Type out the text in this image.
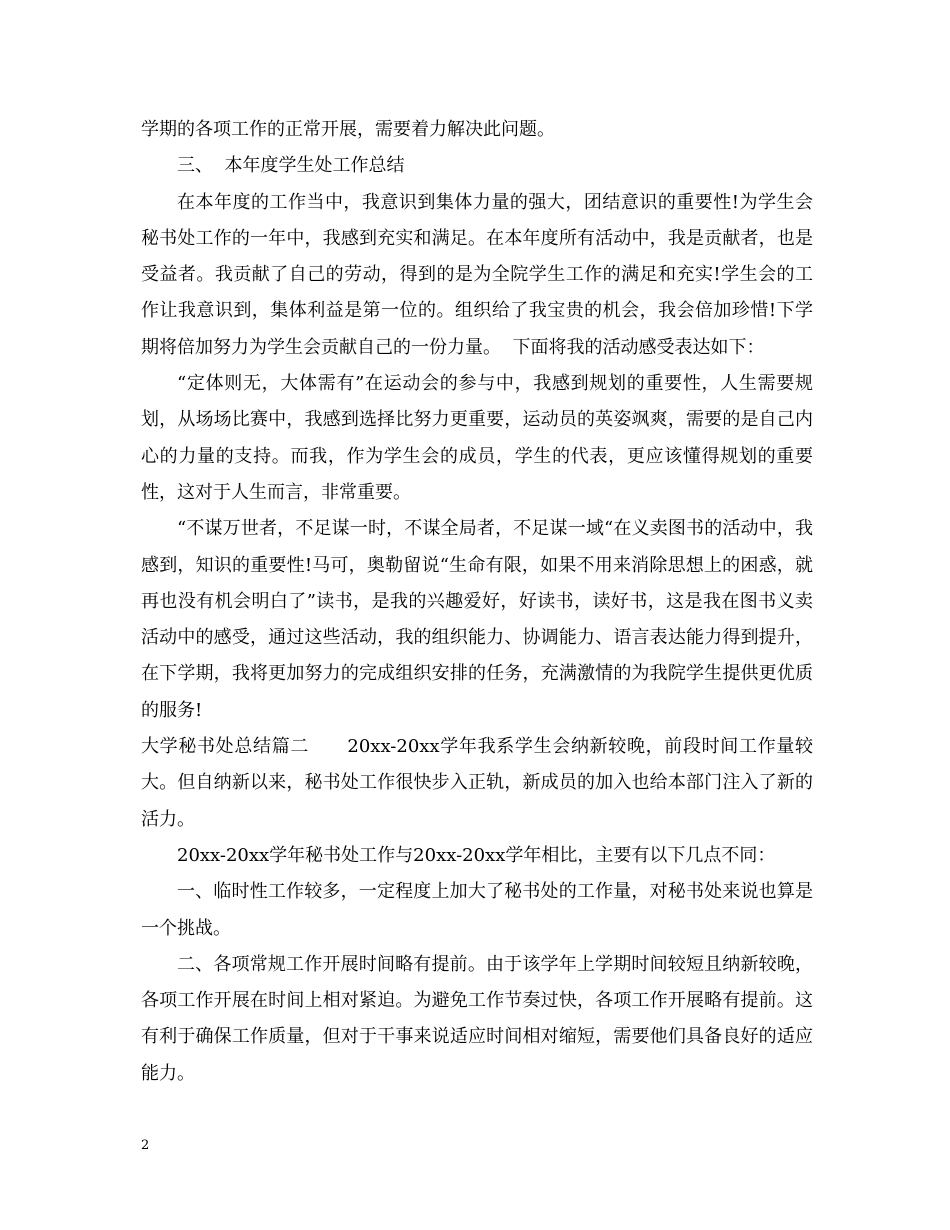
学期的各项工作的正常开展，需要着力解决此问题。

三、  本年度学生处工作总结

在本年度的工作当中，我意识到集体力量的强大，团结意识的重要性!为学生会秘书处工作的一年中，我感到充实和满足。在本年度所有活动中，我是贡献者，也是受益者。我贡献了自己的劳动，得到的是为全院学生工作的满足和充实!学生会的工作让我意识到，集体利益是第一位的。组织给了我宝贵的机会，我会倍加珍惜!下学期将倍加努力为学生会贡献自己的一份力量。  下面将我的活动感受表达如下：

“定体则无，大体需有”在运动会的参与中，我感到规划的重要性，人生需要规划，从场场比赛中，我感到选择比努力更重要，运动员的英姿飒爽，需要的是自己内心的力量的支持。而我，作为学生会的成员，学生的代表，更应该懂得规划的重要性，这对于人生而言，非常重要。

“不谋万世者，不足谋一时，不谋全局者，不足谋一域“在义卖图书的活动中，我感到，知识的重要性!马可，奥勒留说“生命有限，如果不用来消除思想上的困惑，就再也没有机会明白了”读书，是我的兴趣爱好，好读书，读好书，这是我在图书义卖活动中的感受，通过这些活动，我的组织能力、协调能力、语言表达能力得到提升，在下学期，我将更加努力的完成组织安排的任务，充满激情的为我院学生提供更优质的服务!

大学秘书处总结篇二      20xx-20xx学年我系学生会纳新较晚，前段时间工作量较大。但自纳新以来，秘书处工作很快步入正轨，新成员的加入也给本部门注入了新的活力。

20xx-20xx学年秘书处工作与20xx-20xx学年相比，主要有以下几点不同：

一、临时性工作较多，一定程度上加大了秘书处的工作量，对秘书处来说也算是一个挑战。

二、各项常规工作开展时间略有提前。由于该学年上学期时间较短且纳新较晚，各项工作开展在时间上相对紧迫。为避免工作节奏过快，各项工作开展略有提前。这有利于确保工作质量，但对于干事来说适应时间相对缩短，需要他们具备良好的适应能力。

2
